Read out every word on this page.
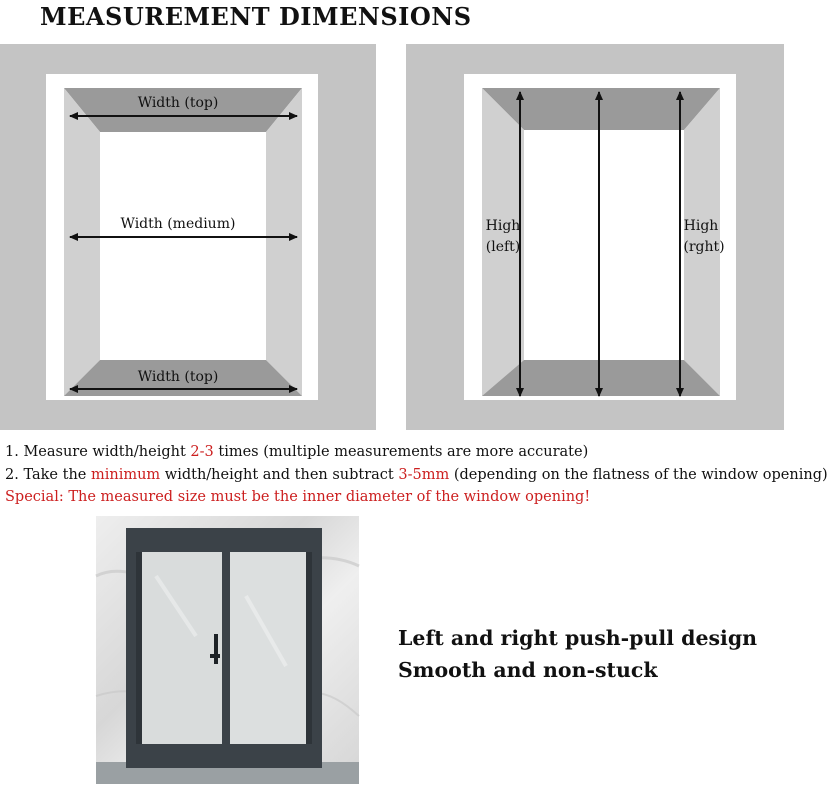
MEASUREMENT DIMENSIONS
Width (top)
Width (medium)
Width (top)
High
(left)
High
(rght)
1. Measure width/height 2-3 times (multiple measurements are more accurate)
2. Take the minimum width/height and then subtract 3-5mm (depending on the flatness of the window opening)
Special: The measured size must be the inner diameter of the window opening!
Left and right push-pull design
Smooth and non-stuck
